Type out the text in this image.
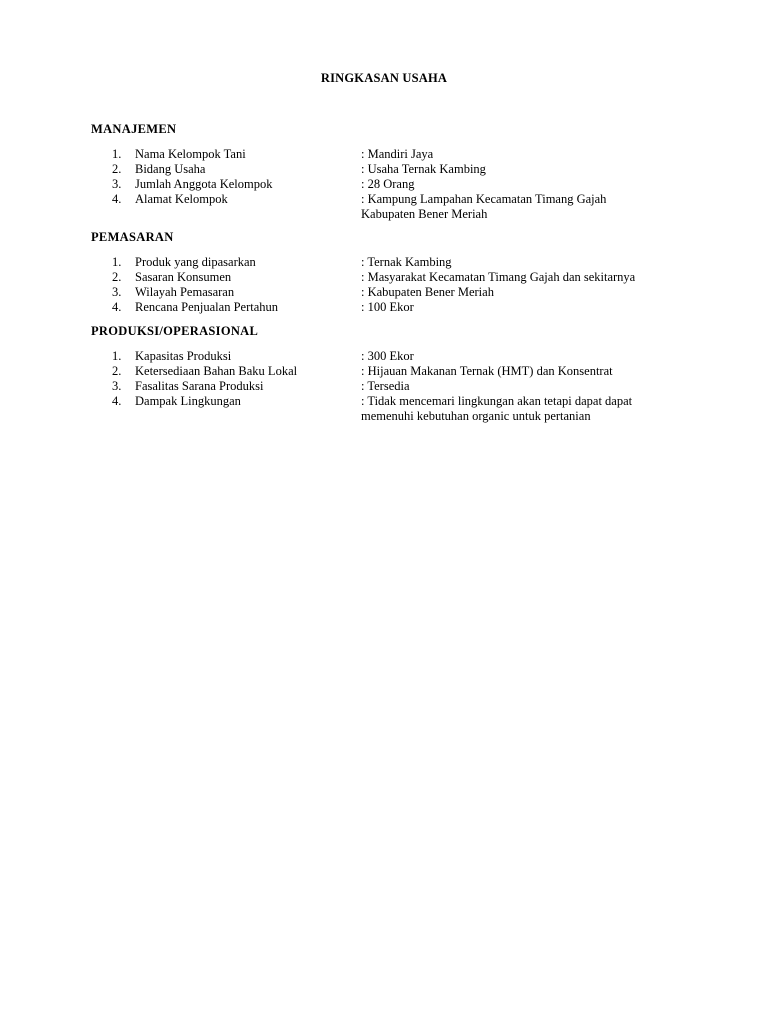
RINGKASAN USAHA
MANAJEMEN
1. Nama Kelompok Tani	: Mandiri Jaya
2. Bidang Usaha	: Usaha Ternak Kambing
3. Jumlah Anggota Kelompok	: 28 Orang
4. Alamat Kelompok	: Kampung Lampahan Kecamatan Timang Gajah Kabupaten Bener Meriah
PEMASARAN
1. Produk yang dipasarkan	: Ternak Kambing
2. Sasaran Konsumen	: Masyarakat Kecamatan Timang Gajah dan sekitarnya
3. Wilayah Pemasaran	: Kabupaten Bener Meriah
4. Rencana Penjualan Pertahun	: 100 Ekor
PRODUKSI/OPERASIONAL
1. Kapasitas Produksi	: 300 Ekor
2. Ketersediaan Bahan Baku Lokal	: Hijauan Makanan Ternak (HMT) dan Konsentrat
3. Fasalitas Sarana Produksi	: Tersedia
4. Dampak Lingkungan	: Tidak mencemari lingkungan akan tetapi dapat dapat memenuhi kebutuhan organic untuk pertanian
